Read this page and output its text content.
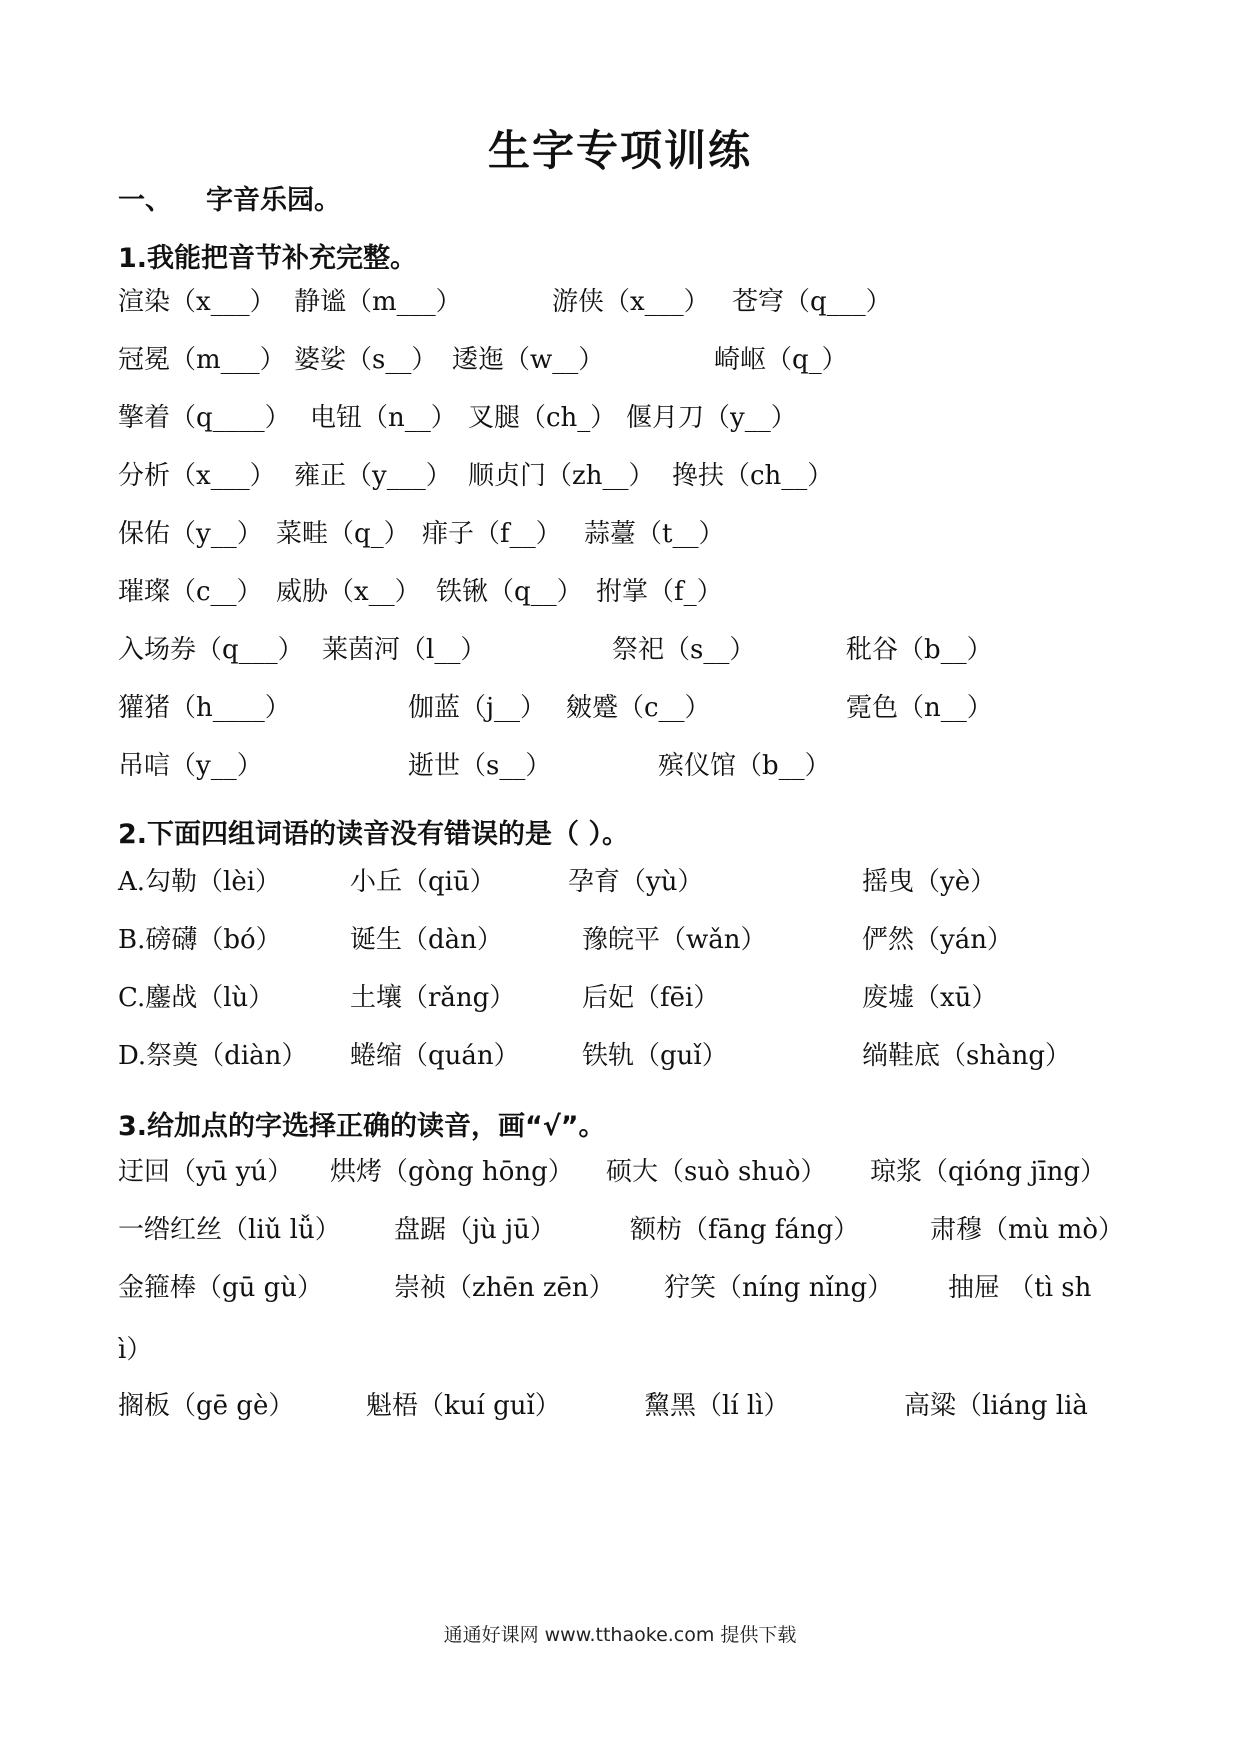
生字专项训练
一、 字音乐园。
1.我能把音节补充完整。
渲染（x___） 静谧（m___）	游侠（x___） 苍穹（q___）
冠冕（m___） 婆娑（s__） 逶迤（w__）	崎岖（q_）
擎着（q____） 电钮（n__） 叉腿（ch_） 偃月刀（y__）
分析（x___） 雍正（y___） 顺贞门（zh__） 搀扶（ch__）
保佑（y__） 菜畦（q_） 痱子（f__） 蒜薹（t__）
璀璨（c__） 威胁（x__） 铁锹（q__） 拊掌（f_）
入场券（q___） 莱茵河（l__）	祭祀（s__）	秕谷（b__）
獾猪（h____）	伽蓝（j__） 皴蹙（c__）	霓色（n__）
吊唁（y__）	逝世（s__）	殡仪馆（b__）
2.下面四组词语的读音没有错误的是（ ）。
A.勾勒（lèi）	小丘（qiū）	孕育（yù）	摇曳（yè）
B.磅礴（bó）	诞生（dàn）	豫皖平（wǎn）	俨然（yán）
C.鏖战（lù）	土壤（rǎng）	后妃（fēi）	废墟（xū）
D.祭奠（diàn） 蜷缩（quán） 铁轨（guǐ）	绱鞋底（shàng）
3.给加点的字选择正确的读音，画“√”。
迂回（yū yú） 烘烤（gòng hōng） 硕大（suò shuò） 琼浆（qióng jīng）
一绺红丝（liǔ lǚ） 盘踞（jù jū）	额枋（fāng fáng）	肃穆（mù mò）
金箍棒（gū gù）	崇祯（zhēn zēn） 狞笑（níng nǐng） 抽屉 （tì sh
ì）
搁板（gē gè）	魁梧（kuí guǐ）	黧黑（lí lì）	高粱（liáng lià
通通好课网 www.tthaoke.com 提供下载
